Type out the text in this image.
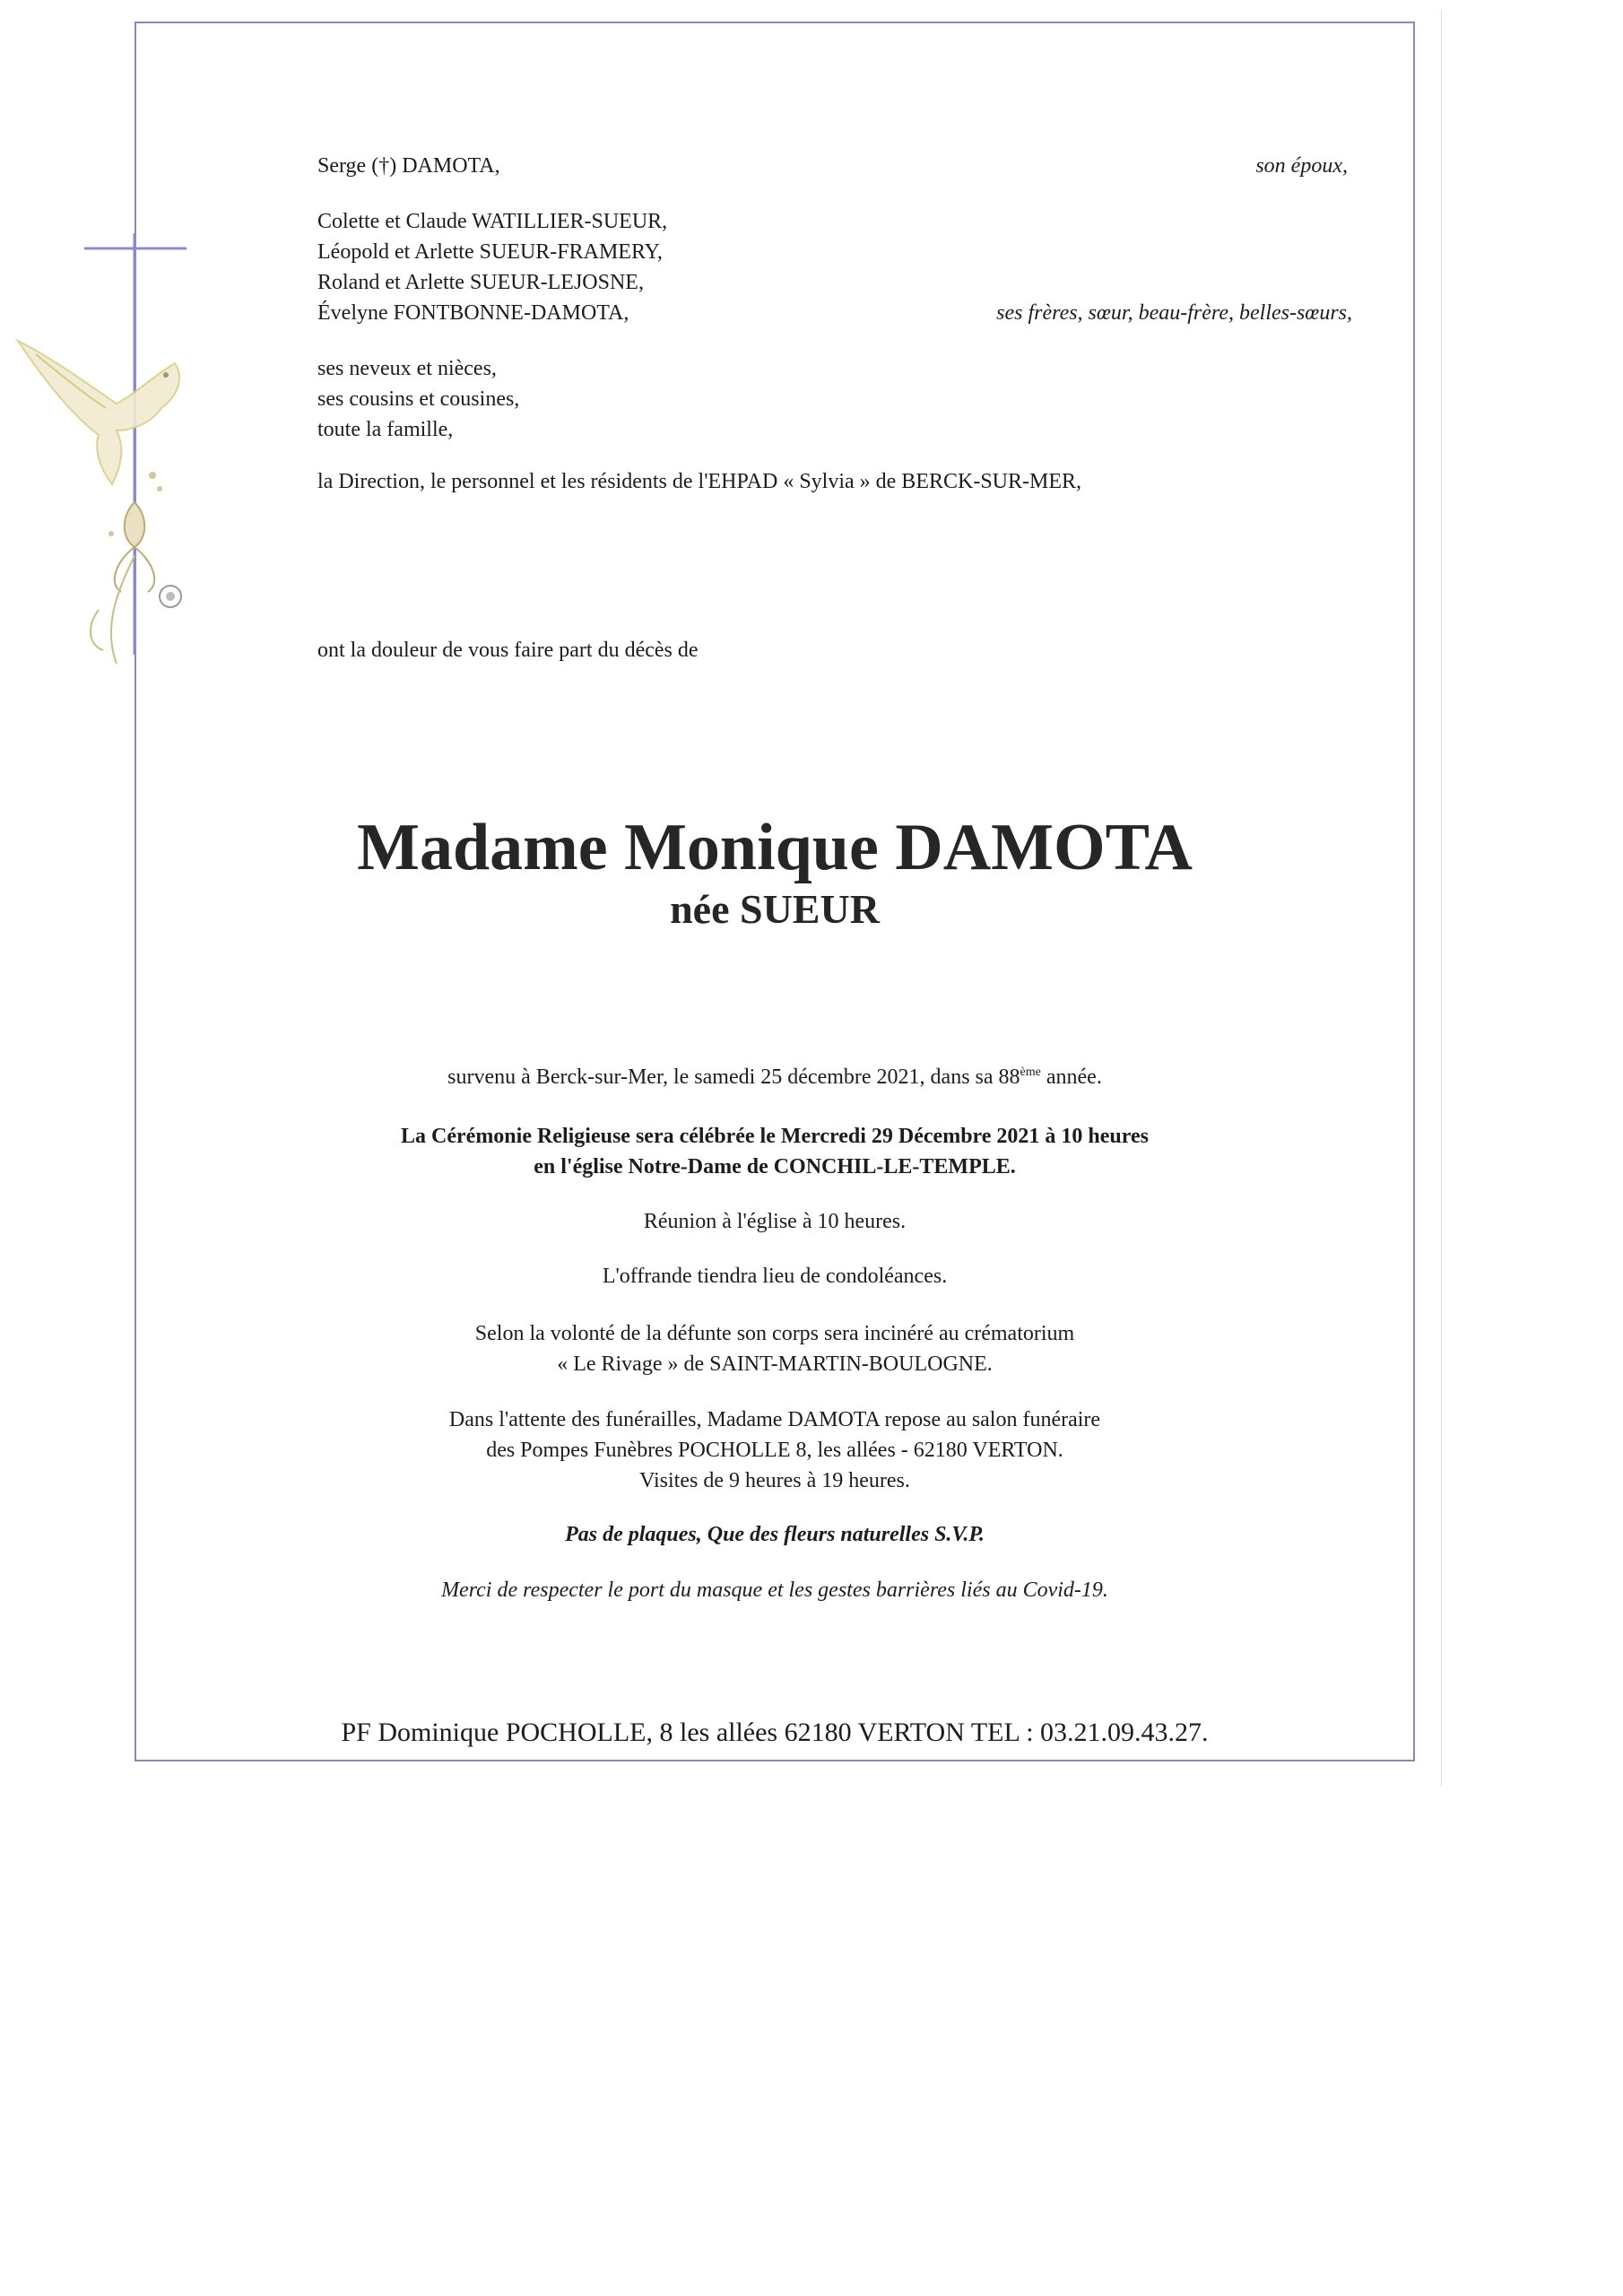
Serge (†) DAMOTA,	son époux,

Colette et Claude WATILLIER-SUEUR,

Léopold et Arlette SUEUR-FRAMERY,

Roland et Arlette SUEUR-LEJOSNE,

Évelyne FONTBONNE-DAMOTA,	ses frères, sœur, beau-frère, belles-sœurs,

ses neveux et nièces,

ses cousins et cousines,

toute la famille,

la Direction, le personnel et les résidents de l'EHPAD « Sylvia » de BERCK-SUR-MER,

ont la douleur de vous faire part du décès de

Madame Monique DAMOTA
née SUEUR
survenu à Berck-sur-Mer, le samedi 25 décembre 2021, dans sa 88ème année.
La Cérémonie Religieuse sera célébrée le Mercredi 29 Décembre 2021 à 10 heures
en l'église Notre-Dame de CONCHIL-LE-TEMPLE.
Réunion à l'église à 10 heures.
L'offrande tiendra lieu de condoléances.
Selon la volonté de la défunte son corps sera incinéré au crématorium
« Le Rivage » de SAINT-MARTIN-BOULOGNE.
Dans l'attente des funérailles, Madame DAMOTA repose au salon funéraire
des Pompes Funèbres POCHOLLE 8, les allées - 62180 VERTON.
Visites de 9 heures à 19 heures.
Pas de plaques, Que des fleurs naturelles S.V.P.
Merci de respecter le port du masque et les gestes barrières liés au Covid-19.
PF Dominique POCHOLLE, 8 les allées 62180 VERTON TEL : 03.21.09.43.27.
